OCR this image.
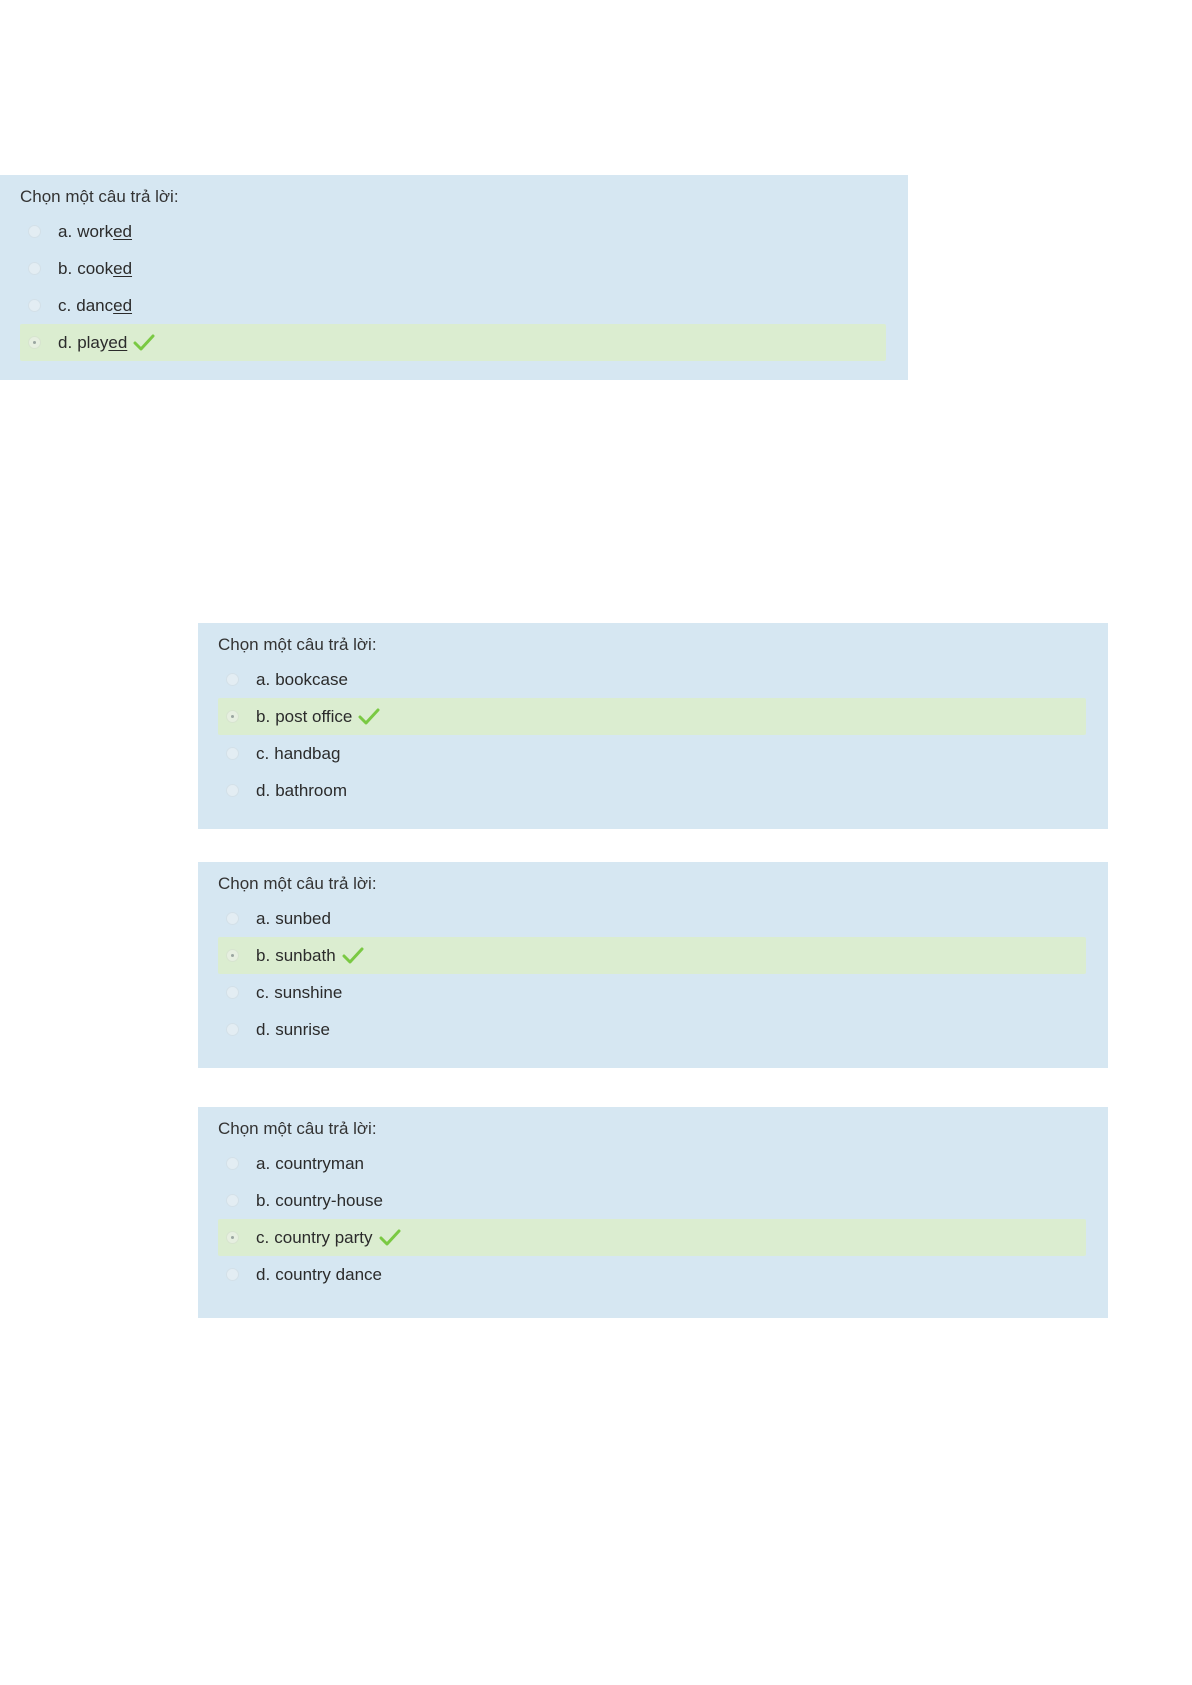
Chọn một câu trả lời:
a. work ed
b. cook ed
c. danc ed
d. play ed
Chọn một câu trả lời:
a. bookcase
b. post office
c. handbag
d. bathroom
Chọn một câu trả lời:
a. sunbed
b. sunbath
c. sunshine
d. sunrise
Chọn một câu trả lời:
a. countryman
b. country-house
c. country party
d. country dance
